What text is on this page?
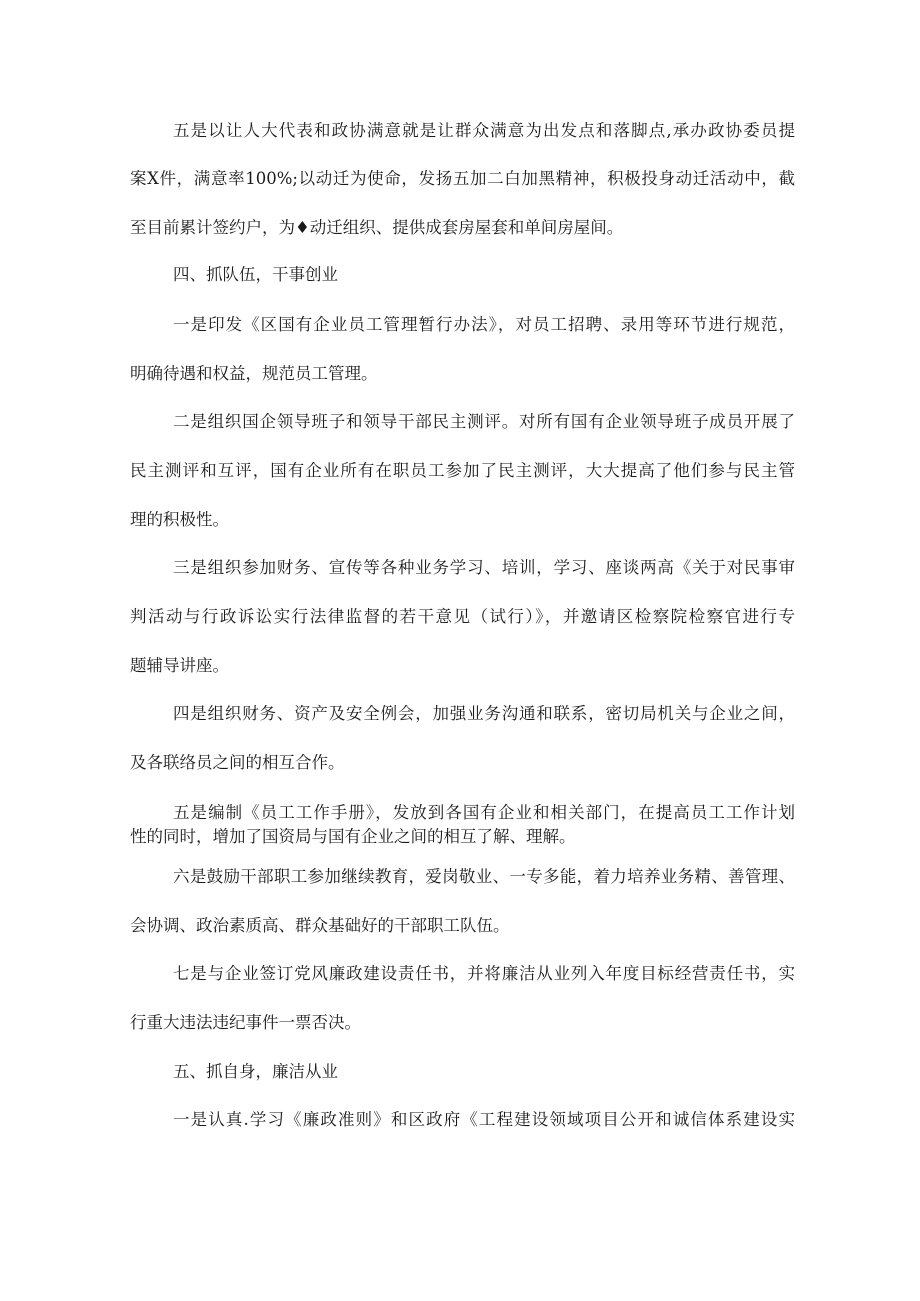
五是以让人大代表和政协满意就是让群众满意为出发点和落脚点,承办政协委员提
案X件，满意率100%;以动迁为使命，发扬五加二白加黑精神，积极投身动迁活动中，截
至目前累计签约户，为♦动迁组织、提供成套房屋套和单间房屋间。
四、抓队伍，干事创业
一是印发《区国有企业员工管理暂行办法》，对员工招聘、录用等环节进行规范，
明确待遇和权益，规范员工管理。
二是组织国企领导班子和领导干部民主测评。对所有国有企业领导班子成员开展了
民主测评和互评，国有企业所有在职员工参加了民主测评，大大提高了他们参与民主管
理的积极性。
三是组织参加财务、宣传等各种业务学习、培训，学习、座谈两高《关于对民事审
判活动与行政诉讼实行法律监督的若干意见（试行）》，并邀请区检察院检察官进行专
题辅导讲座。
四是组织财务、资产及安全例会，加强业务沟通和联系，密切局机关与企业之间，
及各联络员之间的相互合作。
五是编制《员工工作手册》，发放到各国有企业和相关部门，在提高员工工作计划
性的同时，增加了国资局与国有企业之间的相互了解、理解。
六是鼓励干部职工参加继续教育，爱岗敬业、一专多能，着力培养业务精、善管理、
会协调、政治素质高、群众基础好的干部职工队伍。
七是与企业签订党风廉政建设责任书，并将廉洁从业列入年度目标经营责任书，实
行重大违法违纪事件一票否决。
五、抓自身，廉洁从业
一是认真.学习《廉政准则》和区政府《工程建设领域项目公开和诚信体系建设实
